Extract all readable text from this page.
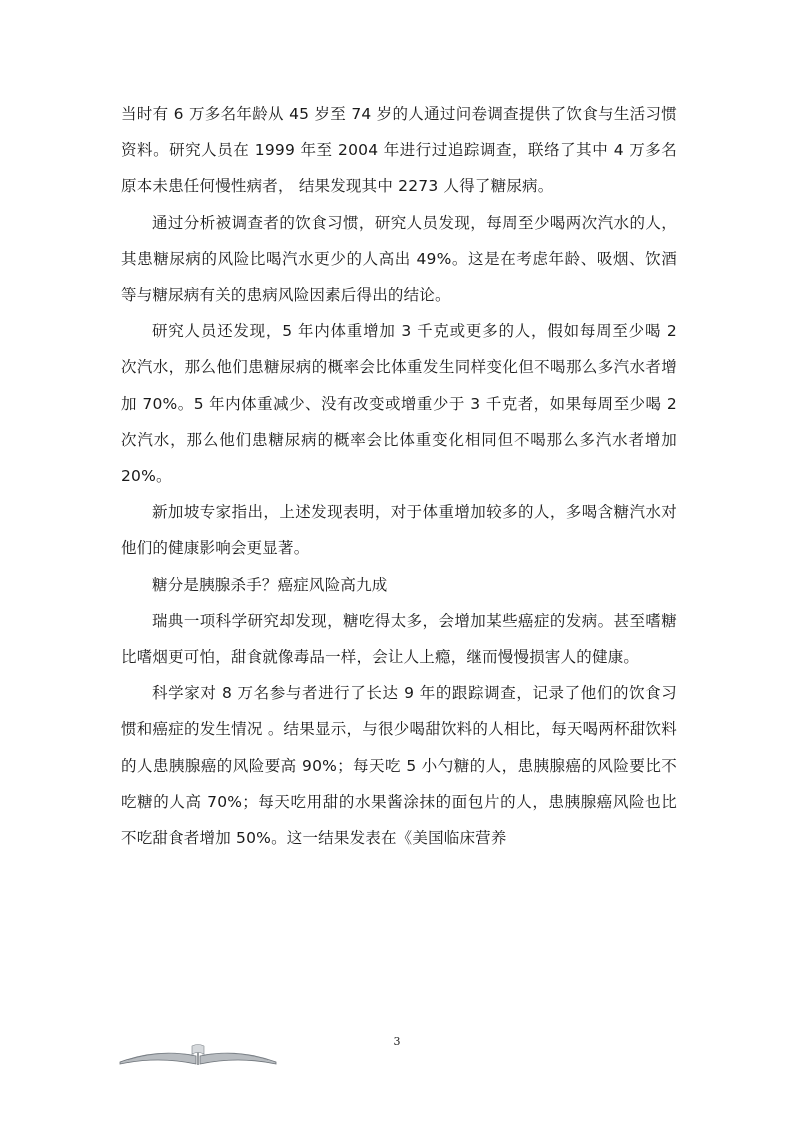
当时有 6 万多名年龄从 45 岁至 74 岁的人通过问卷调查提供了饮食与生活习惯资料。研究人员在 1999 年至 2004 年进行过追踪调查，联络了其中 4 万多名原本未患任何慢性病者， 结果发现其中 2273 人得了糖尿病。

通过分析被调查者的饮食习惯，研究人员发现，每周至少喝两次汽水的人，其患糖尿病的风险比喝汽水更少的人高出 49%。这是在考虑年龄、吸烟、饮酒等与糖尿病有关的患病风险因素后得出的结论。

研究人员还发现，5 年内体重增加 3 千克或更多的人，假如每周至少喝 2 次汽水，那么他们患糖尿病的概率会比体重发生同样变化但不喝那么多汽水者增加 70%。5 年内体重减少、没有改变或增重少于 3 千克者，如果每周至少喝 2 次汽水，那么他们患糖尿病的概率会比体重变化相同但不喝那么多汽水者增加 20%。

新加坡专家指出，上述发现表明，对于体重增加较多的人，多喝含糖汽水对他们的健康影响会更显著。

糖分是胰腺杀手？癌症风险高九成

瑞典一项科学研究却发现，糖吃得太多，会增加某些癌症的发病。甚至嗜糖比嗜烟更可怕，甜食就像毒品一样，会让人上瘾，继而慢慢损害人的健康。

科学家对 8 万名参与者进行了长达 9 年的跟踪调查，记录了他们的饮食习惯和癌症的发生情况 。结果显示，与很少喝甜饮料的人相比，每天喝两杯甜饮料的人患胰腺癌的风险要高 90%；每天吃 5 小勺糖的人，患胰腺癌的风险要比不吃糖的人高 70%；每天吃用甜的水果酱涂抹的面包片的人，患胰腺癌风险也比不吃甜食者增加 50%。这一结果发表在《美国临床营养

3
